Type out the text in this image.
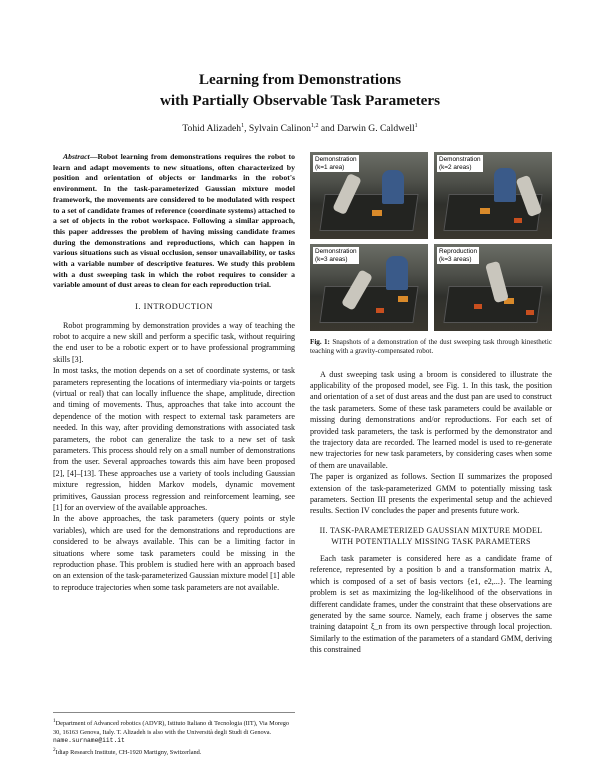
Learning from Demonstrations
with Partially Observable Task Parameters
Tohid Alizadeh$^1$, Sylvain Calinon$^{1,2}$ and Darwin G. Caldwell$^1$

Abstract—Robot learning from demonstrations requires the robot to learn and adapt movements to new situations, often characterized by position and orientation of objects or landmarks in the robot's environment. In the task-parameterized Gaussian mixture model framework, the movements are considered to be modulated with respect to a set of candidate frames of reference (coordinate systems) attached to a set of objects in the robot workspace. Following a similar approach, this paper addresses the problem of having missing candidate frames during the demonstrations and reproductions, which can happen in various situations such as visual occlusion, sensor unavailability, or tasks with a variable number of descriptive features. We study this problem with a dust sweeping task in which the robot requires to consider a variable amount of dust areas to clean for each reproduction trial.

I. INTRODUCTION

Robot programming by demonstration provides a way of teaching the robot to acquire a new skill and perform a specific task, without requiring the end user to be a robotic expert or to have professional programming skills [3].

In most tasks, the motion depends on a set of coordinate systems, or task parameters representing the locations of intermediary via-points or targets (virtual or real) that can locally influence the shape, amplitude, direction and timing of movements. Thus, approaches that take into account the dependence of the motion with respect to external task parameters are needed. In this way, after providing demonstrations with associated task parameters, the robot can generalize the task to a new set of task parameters. This process should rely on a small number of demonstrations from the user. Several approaches towards this aim have been proposed [2], [4]–[13]. These approaches use a variety of tools including Gaussian mixture regression, hidden Markov models, dynamic movement primitives, Gaussian process regression and reinforcement learning, see [1] for an overview of the available approaches.

In the above approaches, the task parameters (query points or style variables), which are used for the demonstrations and reproductions are considered to be always available. This can be a limiting factor in situations where some task parameters could be missing in the reproduction phase. This problem is studied here with an approach based on an extension of the task-parameterized Gaussian mixture model [1] able to reproduce trajectories when some task parameters are not available.

$^1$Department of Advanced robotics (ADVR), Istituto Italiano di Tecnologia (IIT), Via Morego 30, 16163 Genova, Italy. T. Alizadeh is also with the Università degli Studi di Genova. name.surname@iit.it
$^2$Idiap Research Institute, CH-1920 Martigny, Switzerland.
Demonstration
(k=1 area)
Demonstration
(k=2 areas)
Demonstration
(k=3 areas)
Reproduction
(k=3 areas)
Fig. 1: Snapshots of a demonstration of the dust sweeping task through kinesthetic teaching with a gravity-compensated robot.

A dust sweeping task using a broom is considered to illustrate the applicability of the proposed model, see Fig. 1. In this task, the position and orientation of a set of dust areas and the dust pan are used to construct the task parameters. Some of these task parameters could be available or missing during demonstrations and/or reproductions. For each set of provided task parameters, the task is performed by the demonstrator and the trajectory data are recorded. The learned model is used to re-generate new trajectories for new task parameters, by considering cases when some of them are unavailable.

The paper is organized as follows. Section II summarizes the proposed extension of the task-parameterized GMM to potentially missing task parameters. Section III presents the experimental setup and the achieved results. Section IV concludes the paper and presents future work.

II. TASK-PARAMETERIZED GAUSSIAN MIXTURE MODEL
WITH POTENTIALLY MISSING TASK PARAMETERS

Each task parameter is considered here as a candidate frame of reference, represented by a position b and a transformation matrix A, which is composed of a set of basis vectors {e1, e2,...}. The learning problem is set as maximizing the log-likelihood of the observations in different candidate frames, under the constraint that these observations are generated by the same source. Namely, each frame j observes the same training datapoint ξ_n from its own perspective through local projection. Similarly to the estimation of the parameters of a standard GMM, deriving this constrained
